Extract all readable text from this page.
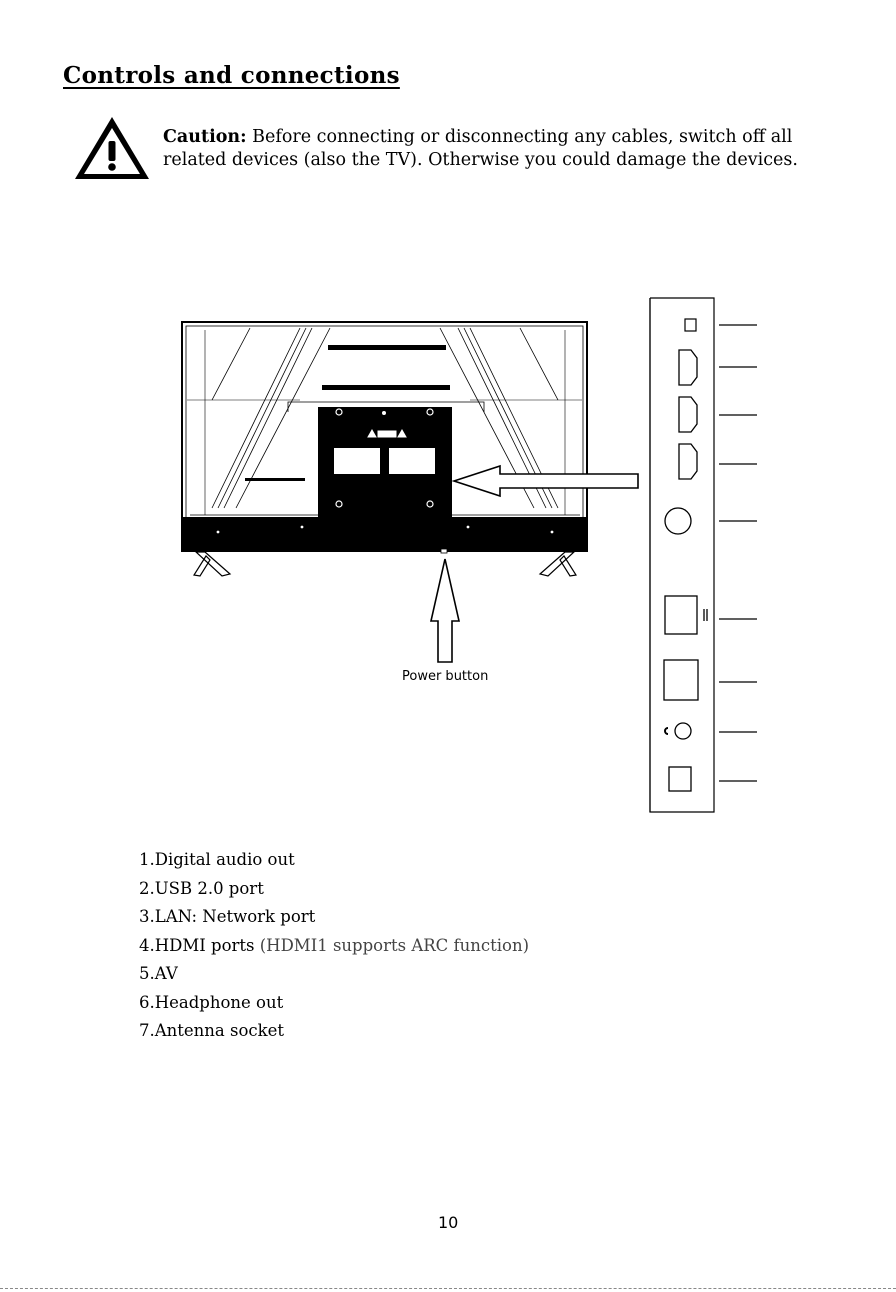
Controls and connections
Caution: Before connecting or disconnecting any cables, switch off all
related devices (also the TV). Otherwise you could damage the devices.
Power button
1.Digital audio out
2.USB 2.0 port
3.LAN: Network port
4.HDMI ports (HDMI1 supports ARC function)
5.AV
6.Headphone out
7.Antenna socket
10
